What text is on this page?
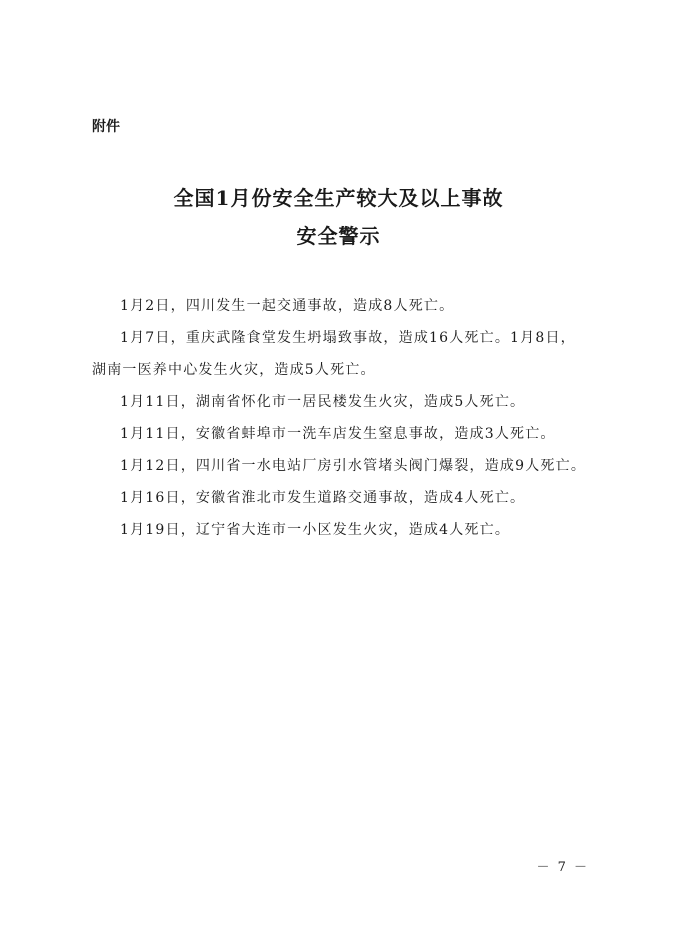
附件
全国1月份安全生产较大及以上事故
安全警示

1月2日，四川发生一起交通事故，造成8人死亡。

1月7日，重庆武隆食堂发生坍塌致事故，造成16人死亡。1月8日，湖南一医养中心发生火灾，造成5人死亡。

1月11日，湖南省怀化市一居民楼发生火灾，造成5人死亡。

1月11日，安徽省蚌埠市一洗车店发生窒息事故，造成3人死亡。

1月12日，四川省一水电站厂房引水管堵头阀门爆裂，造成9人死亡。

1月16日，安徽省淮北市发生道路交通事故，造成4人死亡。

1月19日，辽宁省大连市一小区发生火灾，造成4人死亡。

－ 7 －
